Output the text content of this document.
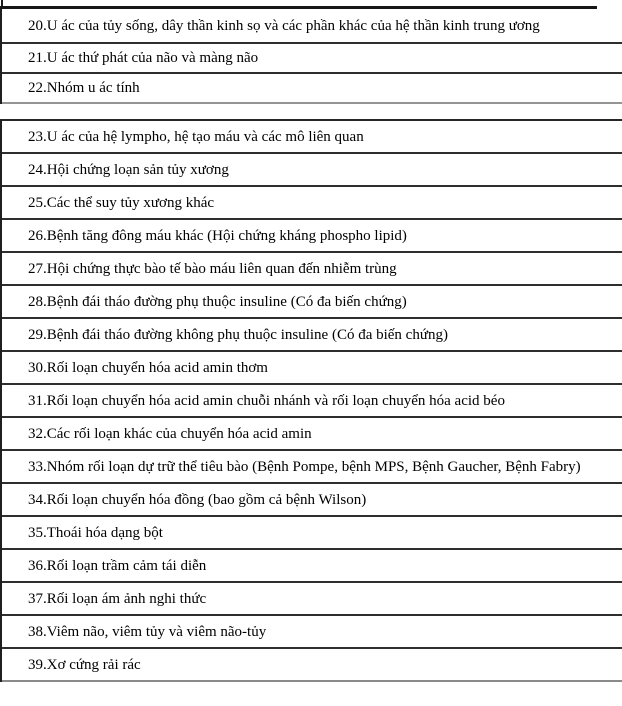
20.U ác của tủy sống, dây thần kinh sọ và các phần khác của hệ thần kinh trung ương
21.U ác thứ phát của não và màng não
22.Nhóm u ác tính
23.U ác của hệ lympho, hệ tạo máu và các mô liên quan
24.Hội chứng loạn sản tủy xương
25.Các thể suy tủy xương khác
26.Bệnh tăng đông máu khác (Hội chứng kháng phospho lipid)
27.Hội chứng thực bào tế bào máu liên quan đến nhiễm trùng
28.Bệnh đái tháo đường phụ thuộc insuline (Có đa biến chứng)
29.Bệnh đái tháo đường không phụ thuộc insuline (Có đa biến chứng)
30.Rối loạn chuyển hóa acid amin thơm
31.Rối loạn chuyển hóa acid amin chuỗi nhánh và rối loạn chuyển hóa acid béo
32.Các rối loạn khác của chuyển hóa acid amin
33.Nhóm rối loạn dự trữ thể tiêu bào (Bệnh Pompe, bệnh MPS, Bệnh Gaucher, Bệnh Fabry)
34.Rối loạn chuyển hóa đồng (bao gồm cả bệnh Wilson)
35.Thoái hóa dạng bột
36.Rối loạn trầm cảm tái diễn
37.Rối loạn ám ảnh nghi thức
38.Viêm não, viêm tủy và viêm não-tủy
39.Xơ cứng rải rác
